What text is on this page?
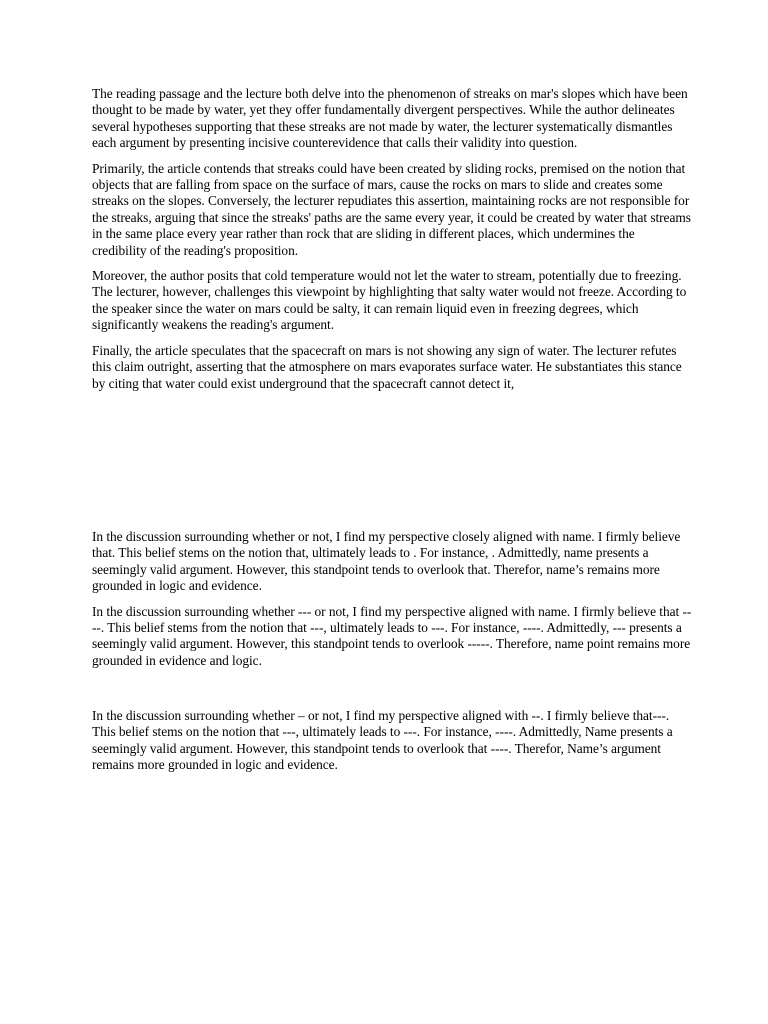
The reading passage and the lecture both delve into the phenomenon of streaks on mar's slopes which have been thought to be made by water, yet they offer fundamentally divergent perspectives. While the author delineates several hypotheses supporting that these streaks are not made by water, the lecturer systematically dismantles each argument by presenting incisive counterevidence that calls their validity into question.

Primarily, the article contends that streaks could have been created by sliding rocks, premised on the notion that objects that are falling from space on the surface of mars, cause the rocks on mars to slide and creates some streaks on the slopes. Conversely, the lecturer repudiates this assertion, maintaining rocks are not responsible for the streaks, arguing that since the streaks' paths are the same every year, it could be created by water that streams in the same place every year rather than rock that are sliding in different places, which undermines the credibility of the reading's proposition.

Moreover, the author posits that cold temperature would not let the water to stream, potentially due to freezing. The lecturer, however, challenges this viewpoint by highlighting that salty water would not freeze. According to the speaker since the water on mars could be salty, it can remain liquid even in freezing degrees, which significantly weakens the reading's argument.

Finally, the article speculates that the spacecraft on mars is not showing any sign of water. The lecturer refutes this claim outright, asserting that the atmosphere on mars evaporates surface water. He substantiates this stance by citing that water could exist underground that the spacecraft cannot detect it,

In the discussion surrounding whether or not, I find my perspective closely aligned with name. I firmly believe that. This belief stems on the notion that, ultimately leads to . For instance, . Admittedly, name presents a seemingly valid argument. However, this standpoint tends to overlook that. Therefor, name’s remains more grounded in logic and evidence.

In the discussion surrounding whether --- or not, I find my perspective aligned with name. I firmly believe that ----. This belief stems from the notion that ---, ultimately leads to ---. For instance, ----. Admittedly, --- presents a seemingly valid argument. However, this standpoint tends to overlook -----. Therefore, name point remains more grounded in evidence and logic.

In the discussion surrounding whether – or not, I find my perspective aligned with --. I firmly believe that---. This belief stems on the notion that ---, ultimately leads to ---. For instance, ----. Admittedly, Name presents a seemingly valid argument. However, this standpoint tends to overlook that ----. Therefor, Name’s argument remains more grounded in logic and evidence.
